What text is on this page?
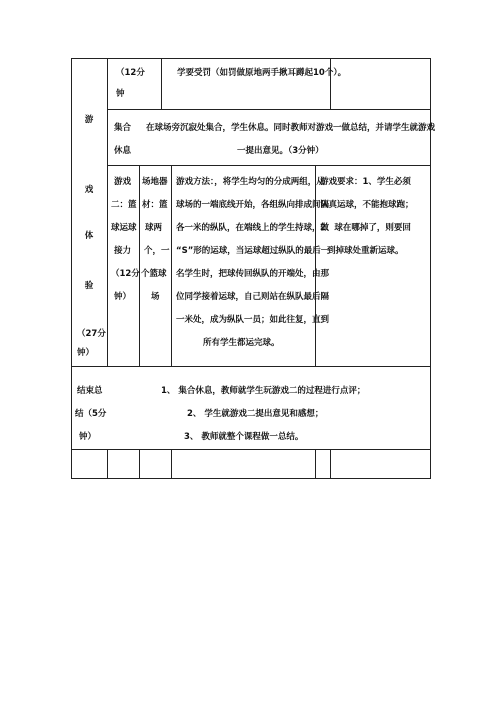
游
戏
体
验
（27分
钟）
（12分
钟
学要受罚（如罚做原地两手揪耳蹲起10个）。
集合
休息
在球场旁沉寂处集合，学生休息。同时教师对游戏一做总结，并请学生就游戏
一提出意见。（3分钟）
游戏
二：篮
球运球
接力
（12分
钟）
场地器
材：篮
球两
个，一
个篮球
场
游戏方法：，将学生均匀的分成两组，从
球场的一端底线开始，各组纵向排成间隔
各一米的纵队，在端线上的学生持球，做
“S”形的运球，当运球超过纵队的最后一
名学生时，把球传回纵队的开端处，由那
位同学接着运球，自己则站在纵队最后隔
一米处，成为纵队一员；如此往复，直到
所有学生都运完球。
游戏要求：1、学生必须
认真运球，不能抱球跑；
2、球在哪掉了，则要回
到掉球处重新运球。
结束总
结（5分
钟）
1、 集合休息，教师就学生玩游戏二的过程进行点评；
2、 学生就游戏二提出意见和感想；
3、 教师就整个课程做一总结。
